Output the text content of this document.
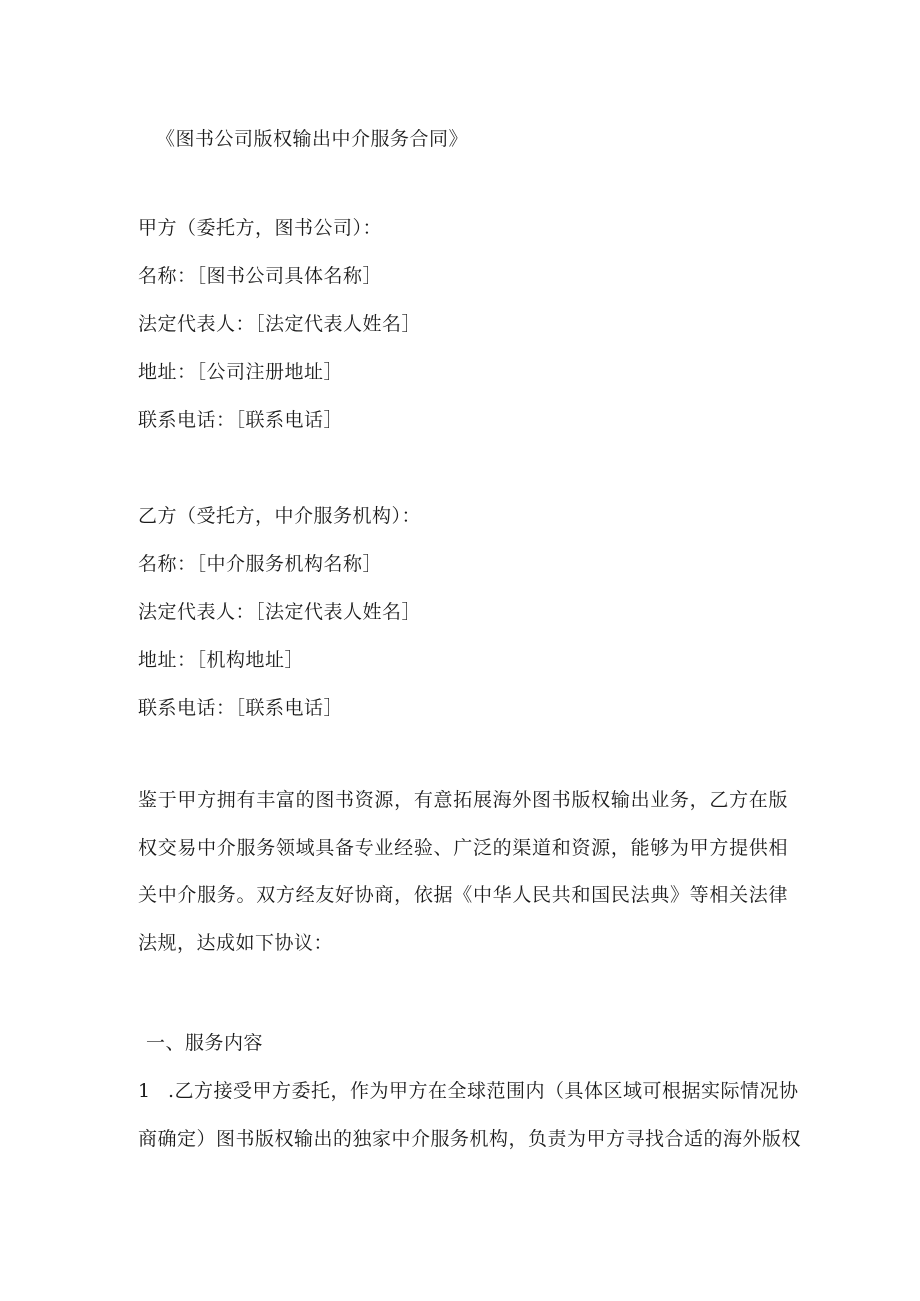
《图书公司版权输出中介服务合同》
甲方（委托方，图书公司）：
名称：［图书公司具体名称］
法定代表人：［法定代表人姓名］
地址：［公司注册地址］
联系电话：［联系电话］
乙方（受托方，中介服务机构）：
名称：［中介服务机构名称］
法定代表人：［法定代表人姓名］
地址：［机构地址］
联系电话：［联系电话］
鉴于甲方拥有丰富的图书资源，有意拓展海外图书版权输出业务，乙方在版权交易中介服务领域具备专业经验、广泛的渠道和资源，能够为甲方提供相关中介服务。双方经友好协商，依据《中华人民共和国民法典》等相关法律法规，达成如下协议：
一、服务内容
1 .乙方接受甲方委托，作为甲方在全球范围内（具体区域可根据实际情况协
商确定）图书版权输出的独家中介服务机构，负责为甲方寻找合适的海外版权
